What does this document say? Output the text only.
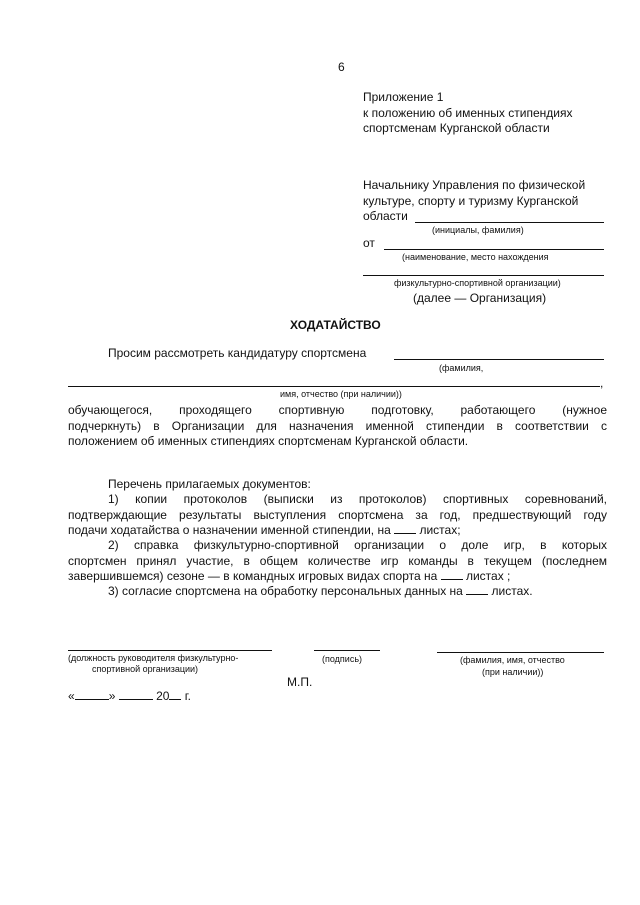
6
Приложение 1
к положению об именных стипендиях
спортсменам Курганской области
Начальнику Управления по физической
культуре, спорту и туризму Курганской
области
(инициалы, фамилия)
от
(наименование, место нахождения
физкультурно-спортивной организации)
(далее — Организация)
ХОДАТАЙСТВО
Просим рассмотреть кандидатуру спортсмена
(фамилия,
,
имя, отчество (при наличии))
обучающегося, проходящего спортивную подготовку, работающего (нужное
подчеркнуть) в Организации для назначения именной стипендии в соответствии с
положением об именных стипендиях спортсменам Курганской области.
Перечень прилагаемых документов:
1) копии протоколов (выписки из протоколов) спортивных соревнований,
подтверждающие результаты выступления спортсмена за год, предшествующий году
подачи ходатайства о назначении именной стипендии, на листах;
2) справка физкультурно-спортивной организации о доле игр, в которых
спортсмен принял участие, в общем количестве игр команды в текущем (последнем
завершившемся) сезоне — в командных игровых видах спорта на листах ;
3) согласие спортсмена на обработку персональных данных на листах.
(должность руководителя физкультурно-
спортивной организации)
(подпись)	(фамилия, имя, отчество
(при наличии))
М.П.
«	»	20 г.
